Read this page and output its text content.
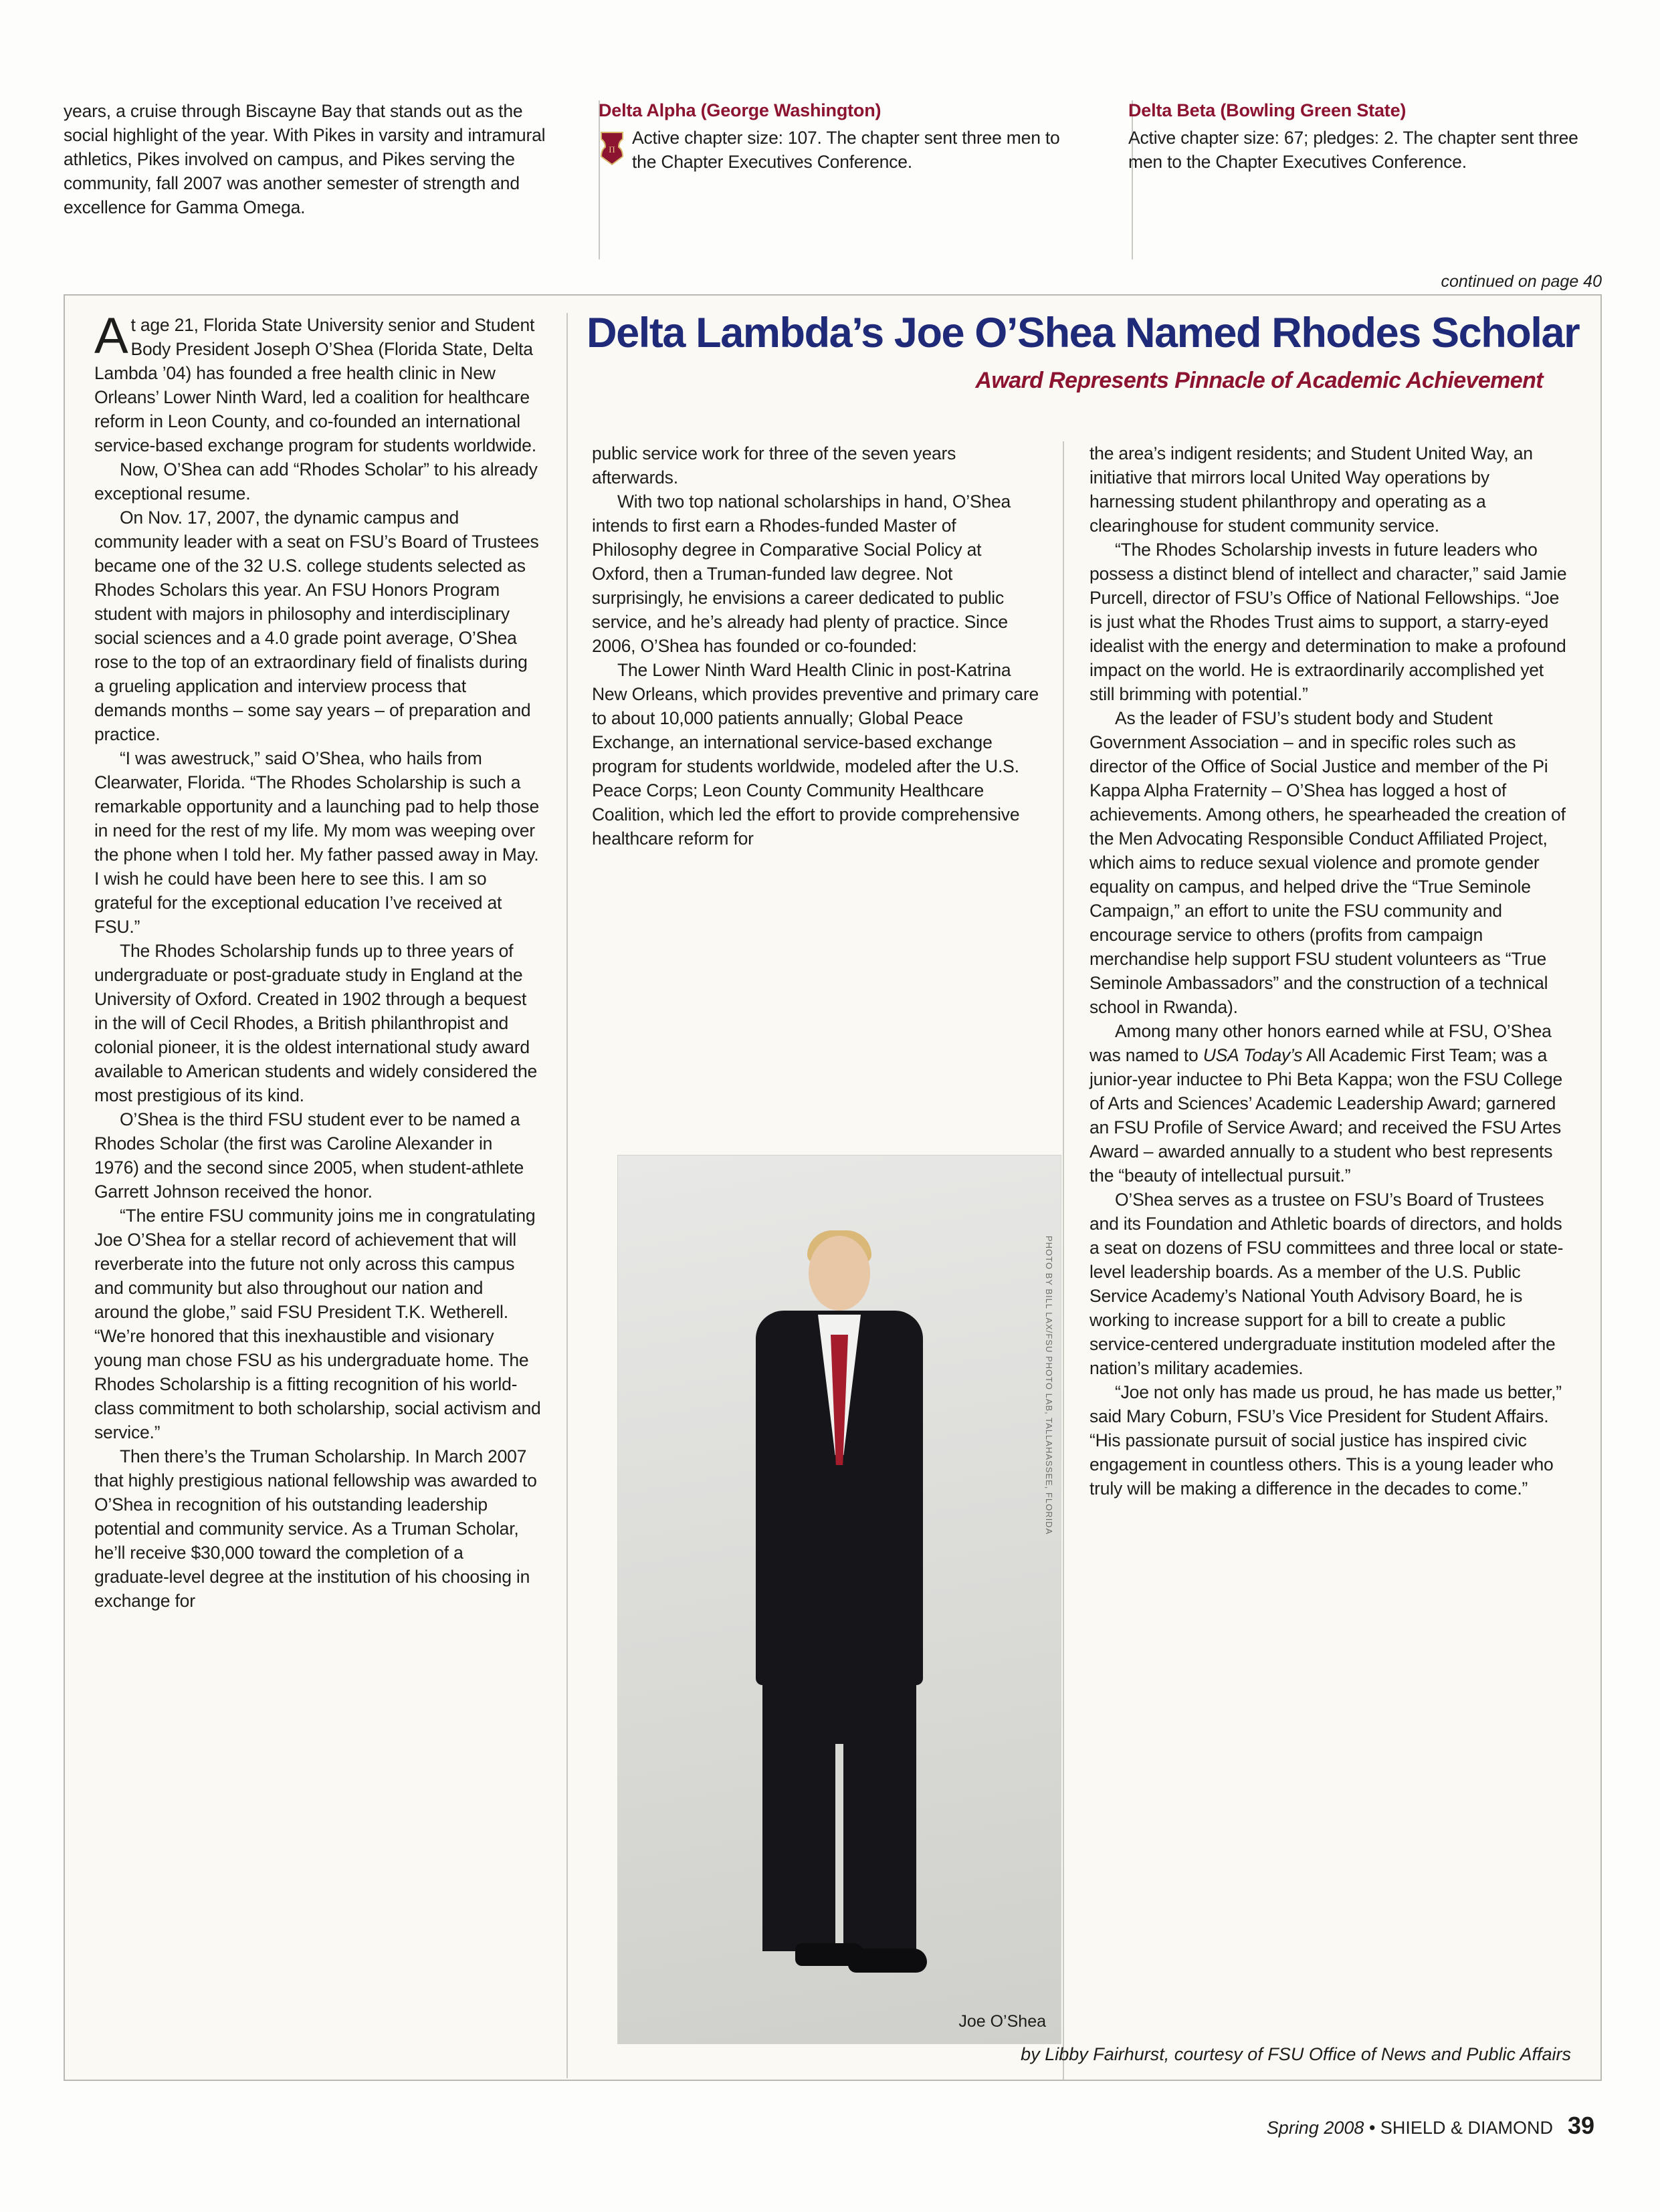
years, a cruise through Biscayne Bay that stands out as the social highlight of the year. With Pikes in varsity and intramural athletics, Pikes involved on campus, and Pikes serving the community, fall 2007 was another semester of strength and excellence for Gamma Omega.

Delta Alpha (George Washington)
Π

Active chapter size: 107. The chapter sent three men to the Chapter Executives Conference.

Delta Beta (Bowling Green State)

Active chapter size: 67; pledges: 2. The chapter sent three men to the Chapter Executives Conference.

continued on page 40
Delta Lambda’s Joe O’Shea Named Rhodes Scholar
Award Represents Pinnacle of Academic Achievement

At age 21, Florida State University senior and Student Body President Joseph O’Shea (Florida State, Delta Lambda ’04) has founded a free health clinic in New Orleans’ Lower Ninth Ward, led a coalition for healthcare reform in Leon County, and co-founded an international service-based exchange program for students worldwide.

Now, O’Shea can add “Rhodes Scholar” to his already exceptional resume.

On Nov. 17, 2007, the dynamic campus and community leader with a seat on FSU’s Board of Trustees became one of the 32 U.S. college students selected as Rhodes Scholars this year. An FSU Honors Program student with majors in philosophy and interdisciplinary social sciences and a 4.0 grade point average, O’Shea rose to the top of an extraordinary field of finalists during a grueling application and interview process that demands months – some say years – of preparation and practice.

“I was awestruck,” said O’Shea, who hails from Clearwater, Florida. “The Rhodes Scholarship is such a remarkable opportunity and a launching pad to help those in need for the rest of my life. My mom was weeping over the phone when I told her. My father passed away in May. I wish he could have been here to see this. I am so grateful for the exceptional education I’ve received at FSU.”

The Rhodes Scholarship funds up to three years of undergraduate or post-graduate study in England at the University of Oxford. Created in 1902 through a bequest in the will of Cecil Rhodes, a British philanthropist and colonial pioneer, it is the oldest international study award available to American students and widely considered the most prestigious of its kind.

O’Shea is the third FSU student ever to be named a Rhodes Scholar (the first was Caroline Alexander in 1976) and the second since 2005, when student-athlete Garrett Johnson received the honor.

“The entire FSU community joins me in congratulating Joe O’Shea for a stellar record of achievement that will reverberate into the future not only across this campus and community but also throughout our nation and around the globe,” said FSU President T.K. Wetherell. “We’re honored that this inexhaustible and visionary young man chose FSU as his undergraduate home. The Rhodes Scholarship is a fitting recognition of his world-class commitment to both scholarship, social activism and service.”

Then there’s the Truman Scholarship. In March 2007 that highly prestigious national fellowship was awarded to O’Shea in recognition of his outstanding leadership potential and community service. As a Truman Scholar, he’ll receive $30,000 toward the completion of a graduate-level degree at the institution of his choosing in exchange for

public service work for three of the seven years afterwards.

With two top national scholarships in hand, O’Shea intends to first earn a Rhodes-funded Master of Philosophy degree in Comparative Social Policy at Oxford, then a Truman-funded law degree. Not surprisingly, he envisions a career dedicated to public service, and he’s already had plenty of practice. Since 2006, O’Shea has founded or co-founded:

The Lower Ninth Ward Health Clinic in post-Katrina New Orleans, which provides preventive and primary care to about 10,000 patients annually; Global Peace Exchange, an international service-based exchange program for students worldwide, modeled after the U.S. Peace Corps; Leon County Community Healthcare Coalition, which led the effort to provide comprehensive healthcare reform for

the area’s indigent residents; and Student United Way, an initiative that mirrors local United Way operations by harnessing student philanthropy and operating as a clearinghouse for student community service.

“The Rhodes Scholarship invests in future leaders who possess a distinct blend of intellect and character,” said Jamie Purcell, director of FSU’s Office of National Fellowships. “Joe is just what the Rhodes Trust aims to support, a starry-eyed idealist with the energy and determination to make a profound impact on the world. He is extraordinarily accomplished yet still brimming with potential.”

As the leader of FSU’s student body and Student Government Association – and in specific roles such as director of the Office of Social Justice and member of the Pi Kappa Alpha Fraternity – O’Shea has logged a host of achievements. Among others, he spearheaded the creation of the Men Advocating Responsible Conduct Affiliated Project, which aims to reduce sexual violence and promote gender equality on campus, and helped drive the “True Seminole Campaign,” an effort to unite the FSU community and encourage service to others (profits from campaign merchandise help support FSU student volunteers as “True Seminole Ambassadors” and the construction of a technical school in Rwanda).

Among many other honors earned while at FSU, O’Shea was named to USA Today’s All Academic First Team; was a junior-year inductee to Phi Beta Kappa; won the FSU College of Arts and Sciences’ Academic Leadership Award; garnered an FSU Profile of Service Award; and received the FSU Artes Award – awarded annually to a student who best represents the “beauty of intellectual pursuit.”

O’Shea serves as a trustee on FSU’s Board of Trustees and its Foundation and Athletic boards of directors, and holds a seat on dozens of FSU committees and three local or state-level leadership boards. As a member of the U.S. Public Service Academy’s National Youth Advisory Board, he is working to increase support for a bill to create a public service-centered undergraduate institution modeled after the nation’s military academies.

“Joe not only has made us proud, he has made us better,” said Mary Coburn, FSU’s Vice President for Student Affairs. “His passionate pursuit of social justice has inspired civic engagement in countless others. This is a young leader who truly will be making a difference in the decades to come.”

PHOTO BY BILL LAX/FSU PHOTO LAB, TALLAHASSEE, FLORIDA
Joe O’Shea
by Libby Fairhurst, courtesy of FSU Office of News and Public Affairs
Spring 2008 • SHIELD & DIAMOND 39
